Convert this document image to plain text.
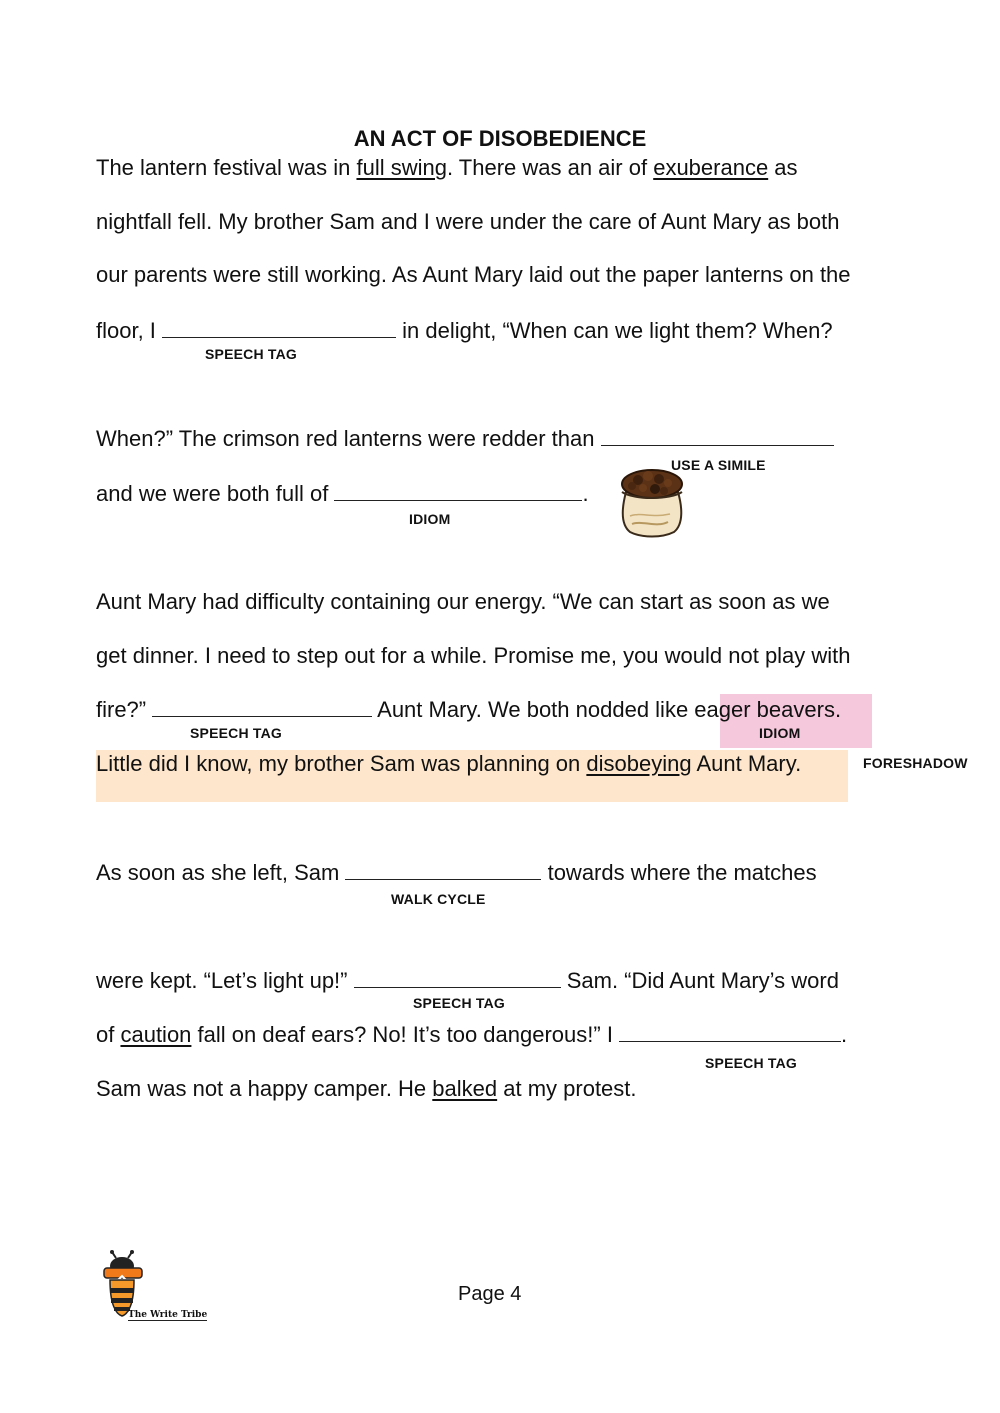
AN ACT OF DISOBEDIENCE
The lantern festival was in full swing. There was an air of exuberance as
nightfall fell. My brother Sam and I were under the care of Aunt Mary as both
our parents were still working. As Aunt Mary laid out the paper lanterns on the
floor, I	in delight, “When can we light them? When?
SPEECH TAG
When?” The crimson red lanterns were redder than
USE A SIMILE
and we were both full of	.
IDIOM
Aunt Mary had difficulty containing our energy. “We can start as soon as we
get dinner. I need to step out for a while. Promise me, you would not play with
fire?”	Aunt Mary. We both nodded like eager beavers.
SPEECH TAG	IDIOM
Little did I know, my brother Sam was planning on disobeying Aunt Mary.	FORESHADOW
As soon as she left, Sam	towards where the matches
WALK CYCLE
were kept. “Let’s light up!”	Sam. “Did Aunt Mary’s word
SPEECH TAG
of caution fall on deaf ears? No! It’s too dangerous!” I	.
SPEECH TAG
Sam was not a happy camper. He balked at my protest.
The Write Tribe
Page 4
